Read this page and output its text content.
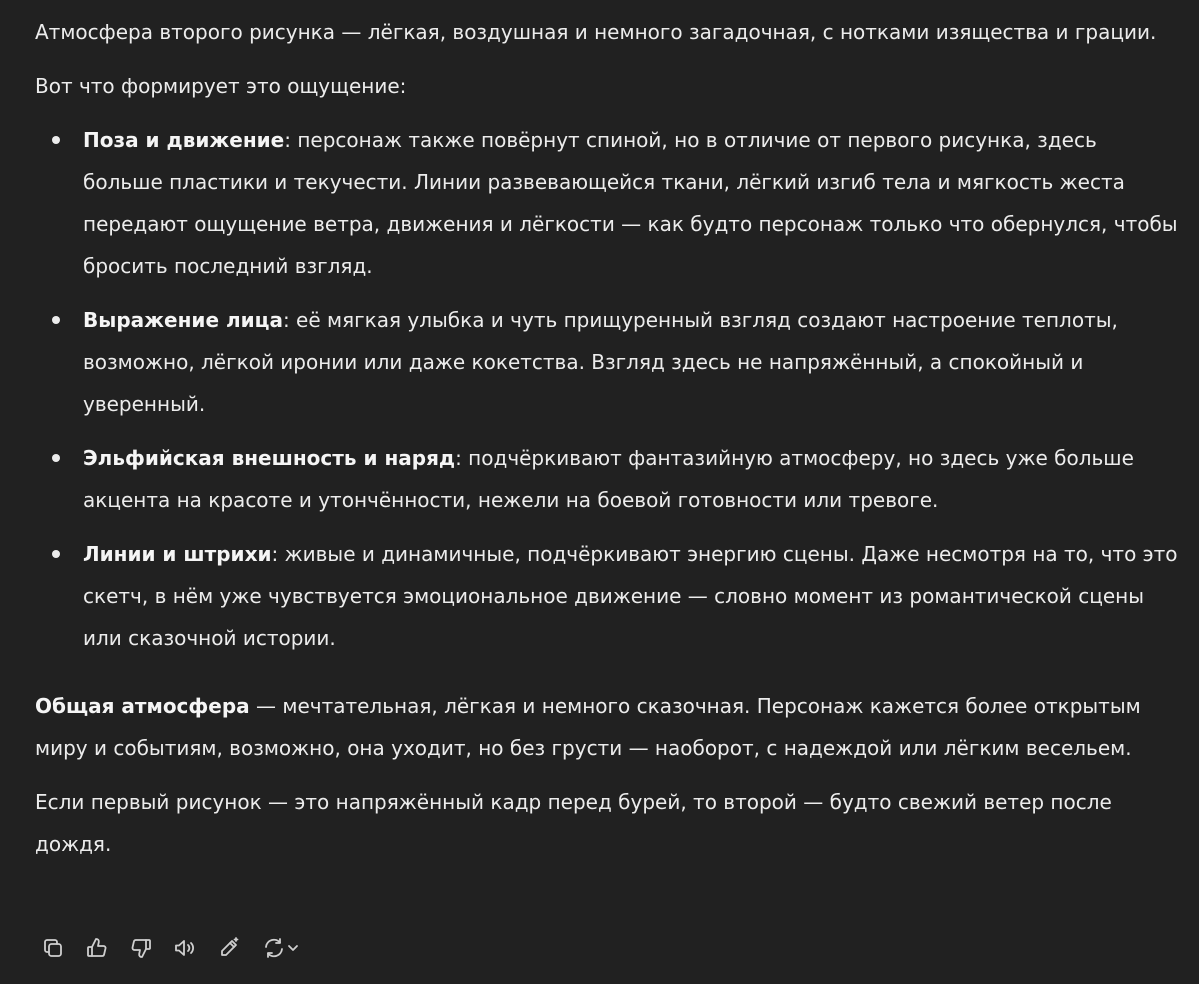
Атмосфера второго рисунка — лёгкая, воздушная и немного загадочная, с нотками изящества и грации.

Вот что формирует это ощущение:

Поза и движение: персонаж также повёрнут спиной, но в отличие от первого рисунка, здесь больше пластики и текучести. Линии развевающейся ткани, лёгкий изгиб тела и мягкость жеста передают ощущение ветра, движения и лёгкости — как будто персонаж только что обернулся, чтобы бросить последний взгляд.
Выражение лица: её мягкая улыбка и чуть прищуренный взгляд создают настроение теплоты, возможно, лёгкой иронии или даже кокетства. Взгляд здесь не напряжённый, а спокойный и уверенный.
Эльфийская внешность и наряд: подчёркивают фантазийную атмосферу, но здесь уже больше акцента на красоте и утончённости, нежели на боевой готовности или тревоге.
Линии и штрихи: живые и динамичные, подчёркивают энергию сцены. Даже несмотря на то, что это скетч, в нём уже чувствуется эмоциональное движение — словно момент из романтической сцены или сказочной истории.

Общая атмосфера — мечтательная, лёгкая и немного сказочная. Персонаж кажется более открытым миру и событиям, возможно, она уходит, но без грусти — наоборот, с надеждой или лёгким весельем.

Если первый рисунок — это напряжённый кадр перед бурей, то второй — будто свежий ветер после дождя.
